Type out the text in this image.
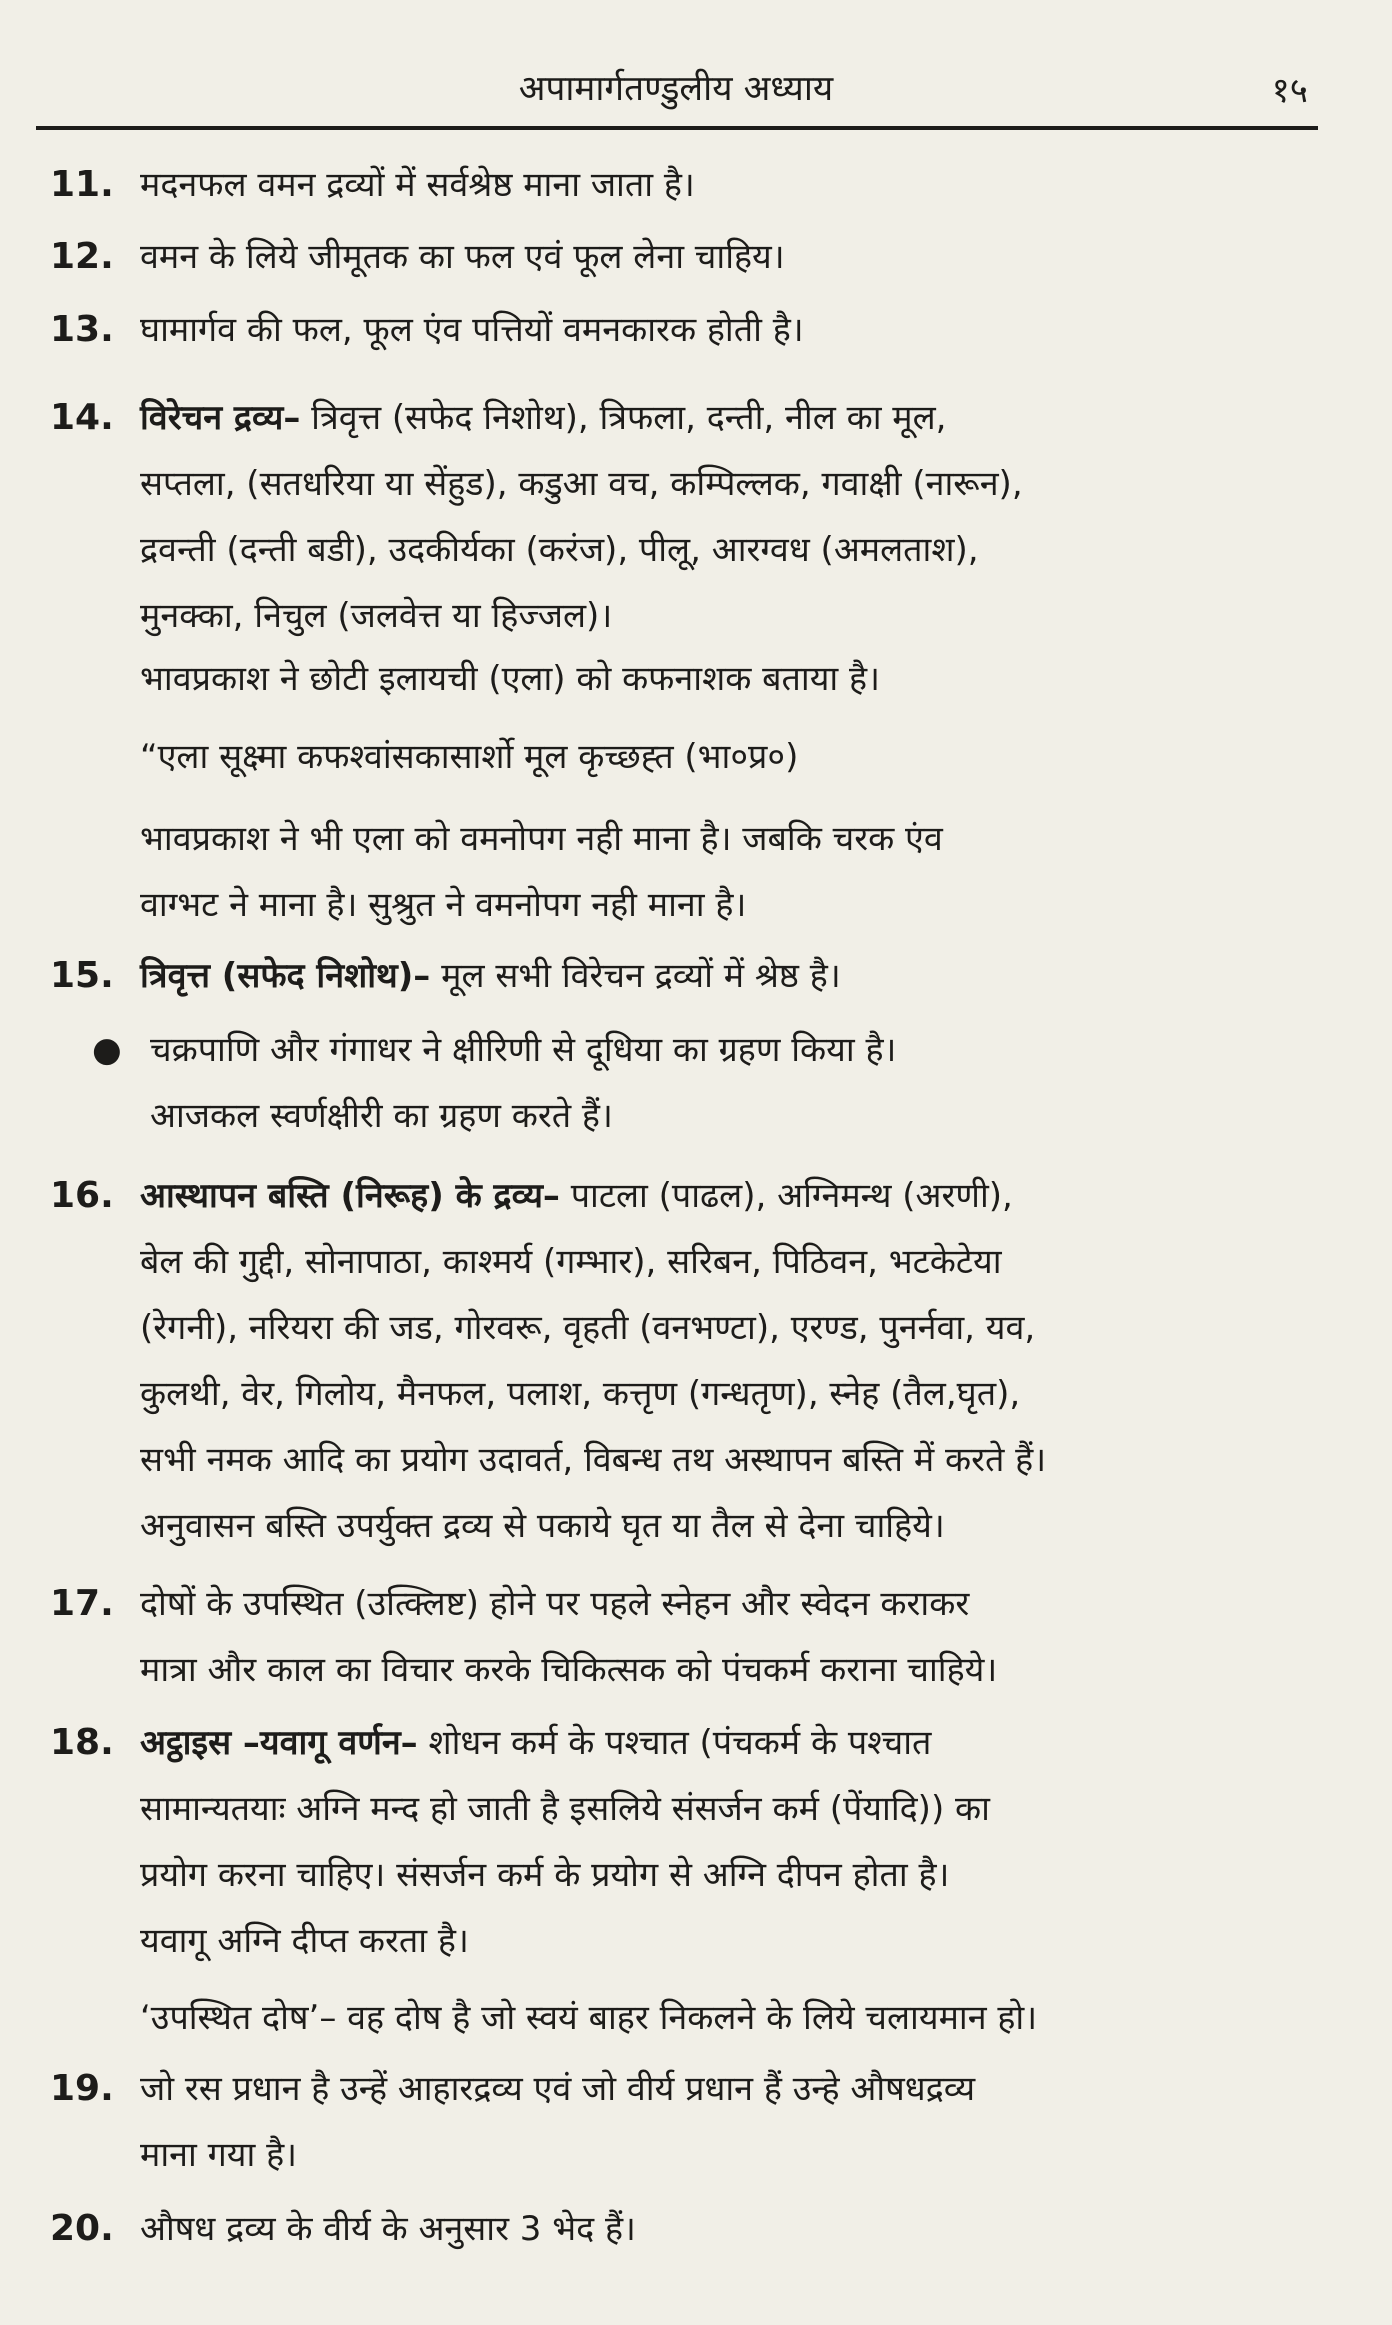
अपामार्गतण्डुलीय अध्याय	१५
11. मदनफल वमन द्रव्यों में सर्वश्रेष्ठ माना जाता है।
12. वमन के लिये जीमूतक का फल एवं फूल लेना चाहिय।
13. घामार्गव की फल, फूल एंव पत्तियों वमनकारक होती है।
14. विरेचन द्रव्य– त्रिवृत्त (सफेद निशोथ), त्रिफला, दन्ती, नील का मूल,
सप्तला, (सतधरिया या सेंहुड), कडुआ वच, कम्पिल्लक, गवाक्षी (नारून),
द्रवन्ती (दन्ती बडी), उदकीर्यका (करंज), पीलू, आरग्वध (अमलताश),
मुनक्का, निचुल (जलवेत्त या हिज्जल)।
भावप्रकाश ने छोटी इलायची (एला) को कफनाशक बताया है।
“एला सूक्ष्मा कफश्वांसकासार्शो मूल कृच्छह्त (भा०प्र०)
भावप्रकाश ने भी एला को वमनोपग नही माना है। जबकि चरक एंव
वाग्भट ने माना है। सुश्रुत ने वमनोपग नही माना है।
15. त्रिवृत्त (सफेद निशोथ)– मूल सभी विरेचन द्रव्यों में श्रेष्ठ है।
● चक्रपाणि और गंगाधर ने क्षीरिणी से दूधिया का ग्रहण किया है।
आजकल स्वर्णक्षीरी का ग्रहण करते हैं।
16. आस्थापन बस्ति (निरूह) के द्रव्य– पाटला (पाढल), अग्निमन्थ (अरणी),
बेल की गुद्दी, सोनापाठा, काश्मर्य (गम्भार), सरिबन, पिठिवन, भटकेटेया
(रेगनी), नरियरा की जड, गोरवरू, वृहती (वनभण्टा), एरण्ड, पुनर्नवा, यव,
कुलथी, वेर, गिलोय, मैनफल, पलाश, कत्तृण (गन्धतृण), स्नेह (तैल,घृत),
सभी नमक आदि का प्रयोग उदावर्त, विबन्ध तथ अस्थापन बस्ति में करते हैं।
अनुवासन बस्ति उपर्युक्त द्रव्य से पकाये घृत या तैल से देना चाहिये।
17. दोषों के उपस्थित (उत्क्लिष्ट) होने पर पहले स्नेहन और स्वेदन कराकर
मात्रा और काल का विचार करके चिकित्सक को पंचकर्म कराना चाहिये।
18. अट्ठाइस –यवागू वर्णन– शोधन कर्म के पश्चात (पंचकर्म के पश्चात
सामान्यतयाः अग्नि मन्द हो जाती है इसलिये संसर्जन कर्म (पेंयादि)) का
प्रयोग करना चाहिए। संसर्जन कर्म के प्रयोग से अग्नि दीपन होता है।
यवागू अग्नि दीप्त करता है।
‘उपस्थित दोष’– वह दोष है जो स्वयं बाहर निकलने के लिये चलायमान हो।
19. जो रस प्रधान है उन्हें आहारद्रव्य एवं जो वीर्य प्रधान हैं उन्हे औषधद्रव्य
माना गया है।
20. औषध द्रव्य के वीर्य के अनुसार 3 भेद हैं।
